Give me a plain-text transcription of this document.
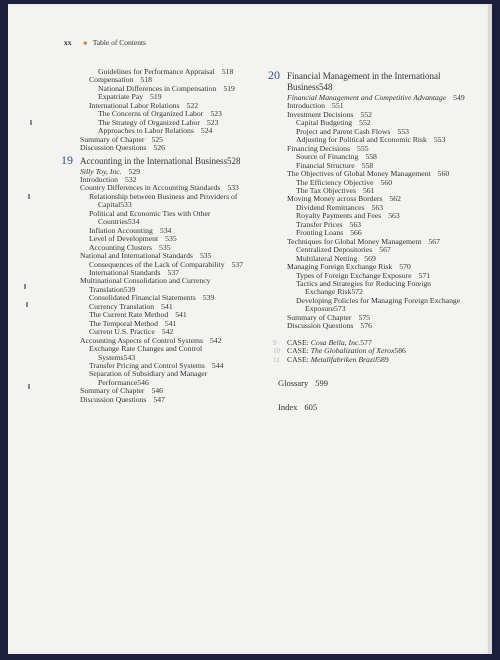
xx ■ Table of Contents
Guidelines for Performance Appraisal 518
Compensation 518
National Differences in Compensation 519
Expatriate Pay 519
International Labor Relations 522
The Concerns of Organized Labor 523
The Strategy of Organized Labor 523
Approaches to Labor Relations 524
Summary of Chapter 525
Discussion Questions 526
19 Accounting in the International Business528
Silly Toy, Inc. 529
Introduction 532
Country Differences in Accounting Standards 533
Relationship between Business and Providers of
Capital533
Political and Economic Ties with Other
Countries534
Inflation Accounting 534
Level of Development 535
Accounting Clusters 535
National and International Standards 535
Consequences of the Lack of Comparability 537
International Standards 537
Multinational Consolidation and Currency
Translation539
Consolidated Financial Statements 539
Currency Translation 541
The Current Rate Method 541
The Temporal Method 541
Current U.S. Practice 542
Accounting Aspects of Control Systems 542
Exchange Rate Changes and Control
Systems543
Transfer Pricing and Control Systems 544
Separation of Subsidiary and Manager
Performance546
Summary of Chapter 546
Discussion Questions 547
20 Financial Management in the International
Business548
Financial Management and Competitive Advantage 549
Introduction 551
Investment Decisions 552
Capital Budgeting 552
Project and Parent Cash Flows 553
Adjusting for Political and Economic Risk 553
Financing Decisions 555
Source of Financing 558
Financial Structure 558
The Objectives of Global Money Management 560
The Efficiency Objective 560
The Tax Objectives 561
Moving Money across Borders 562
Dividend Remittances 563
Royalty Payments and Fees 563
Transfer Prices 563
Fronting Loans 566
Techniques for Global Money Management 567
Centralized Depositories 567
Multilateral Netting 569
Managing Foreign Exchange Risk 570
Types of Foreign Exchange Exposure 571
Tactics and Strategies for Reducing Foreign
Exchange Risk572
Developing Policies for Managing Foreign Exchange
Exposure573
Summary of Chapter 575
Discussion Questions 576
9 CASE: Cosa Bella, Inc.577
10 CASE: The Globalization of Xerox586
11 CASE: Metallfabriken Brazil589
Glossary 599
Index 605
